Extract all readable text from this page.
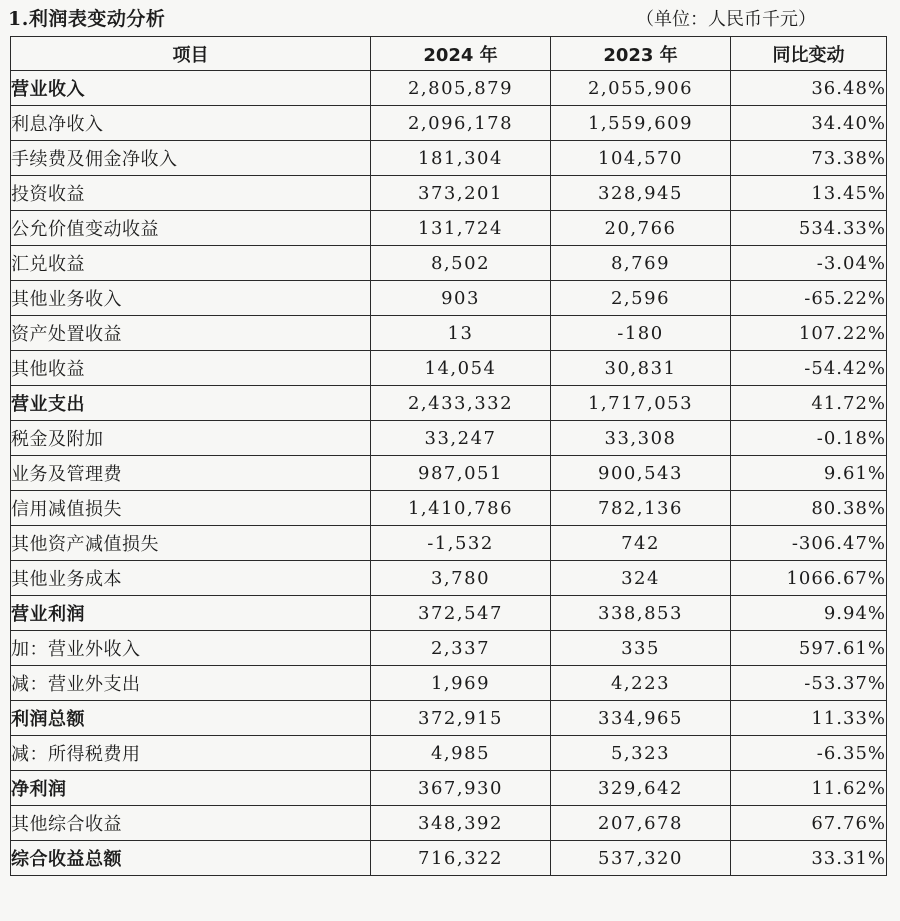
1.利润表变动分析	（单位：人民币千元）
项目	2024 年	2023 年	同比变动
营业收入	2,805,879	2,055,906	36.48%
利息净收入	2,096,178	1,559,609	34.40%
手续费及佣金净收入	181,304	104,570	73.38%
投资收益	373,201	328,945	13.45%
公允价值变动收益	131,724	20,766	534.33%
汇兑收益	8,502	8,769	-3.04%
其他业务收入	903	2,596	-65.22%
资产处置收益	13	-180	107.22%
其他收益	14,054	30,831	-54.42%
营业支出	2,433,332	1,717,053	41.72%
税金及附加	33,247	33,308	-0.18%
业务及管理费	987,051	900,543	9.61%
信用减值损失	1,410,786	782,136	80.38%
其他资产减值损失	-1,532	742	-306.47%
其他业务成本	3,780	324	1066.67%
营业利润	372,547	338,853	9.94%
加：营业外收入	2,337	335	597.61%
减：营业外支出	1,969	4,223	-53.37%
利润总额	372,915	334,965	11.33%
减：所得税费用	4,985	5,323	-6.35%
净利润	367,930	329,642	11.62%
其他综合收益	348,392	207,678	67.76%
综合收益总额	716,322	537,320	33.31%
